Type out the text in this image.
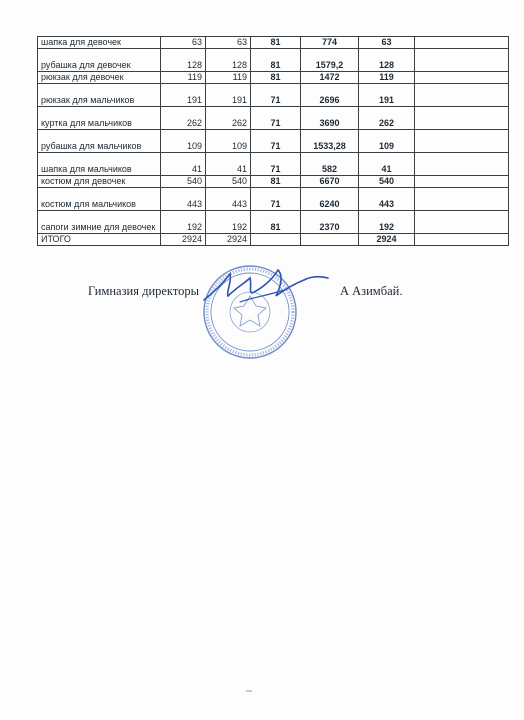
шапка для девочек	63	63	81	774	63	
рубашка для девочек	128	128	81	1579,2	128	
рюкзак для девочек	119	119	81	1472	119	
рюкзак для мальчиков	191	191	71	2696	191	
куртка для мальчиков	262	262	71	3690	262	
рубашка для мальчиков	109	109	71	1533,28	109	
шапка для мальчиков	41	41	71	582	41	
костюм для девочек	540	540	81	6670	540	
костюм для мальчиков	443	443	71	6240	443	
сапоги зимние для девочек	192	192	81	2370	192	
ИТОГО	2924	2924			2924	
Гимназия директоры	А Азимбай.
